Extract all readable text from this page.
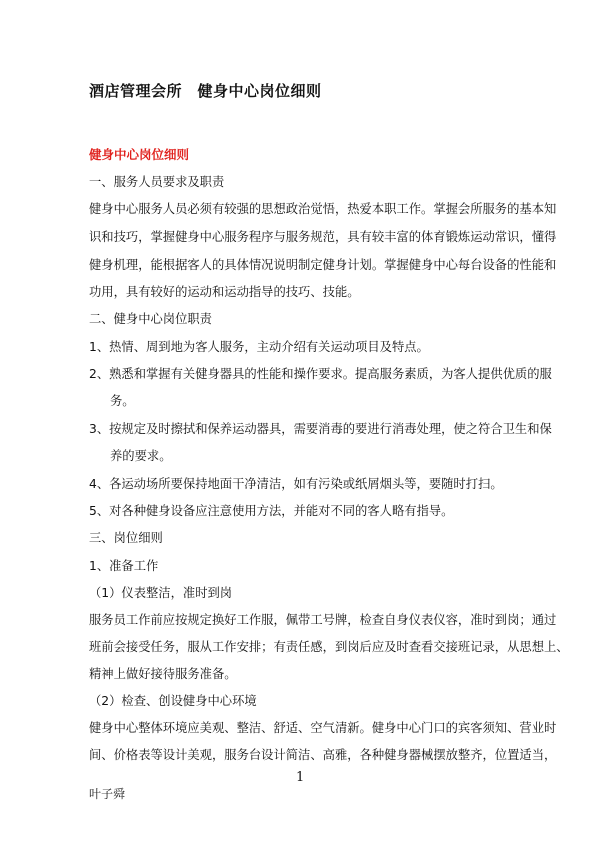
酒店管理会所　健身中心岗位细则
健身中心岗位细则
一、服务人员要求及职责
健身中心服务人员必须有较强的思想政治觉悟，热爱本职工作。掌握会所服务的基本知
识和技巧，掌握健身中心服务程序与服务规范，具有较丰富的体育锻炼运动常识，懂得
健身机理，能根据客人的具体情况说明制定健身计划。掌握健身中心每台设备的性能和
功用，具有较好的运动和运动指导的技巧、技能。
二、健身中心岗位职责
1、热情、周到地为客人服务，主动介绍有关运动项目及特点。
2、熟悉和掌握有关健身器具的性能和操作要求。提高服务素质，为客人提供优质的服
务。
3、按规定及时擦拭和保养运动器具，需要消毒的要进行消毒处理，使之符合卫生和保
养的要求。
4、各运动场所要保持地面干净清洁，如有污染或纸屑烟头等，要随时打扫。
5、对各种健身设备应注意使用方法，并能对不同的客人略有指导。
三、岗位细则
1、准备工作
（1）仪表整洁，准时到岗
服务员工作前应按规定换好工作服，佩带工号牌，检查自身仪表仪容，准时到岗；通过
班前会接受任务，服从工作安排；有责任感，到岗后应及时查看交接班记录，从思想上、
精神上做好接待服务准备。
（2）检查、创设健身中心环境
健身中心整体环境应美观、整洁、舒适、空气清新。健身中心门口的宾客须知、营业时
间、价格表等设计美观，服务台设计简洁、高雅，各种健身器械摆放整齐，位置适当，
1
叶子舜
